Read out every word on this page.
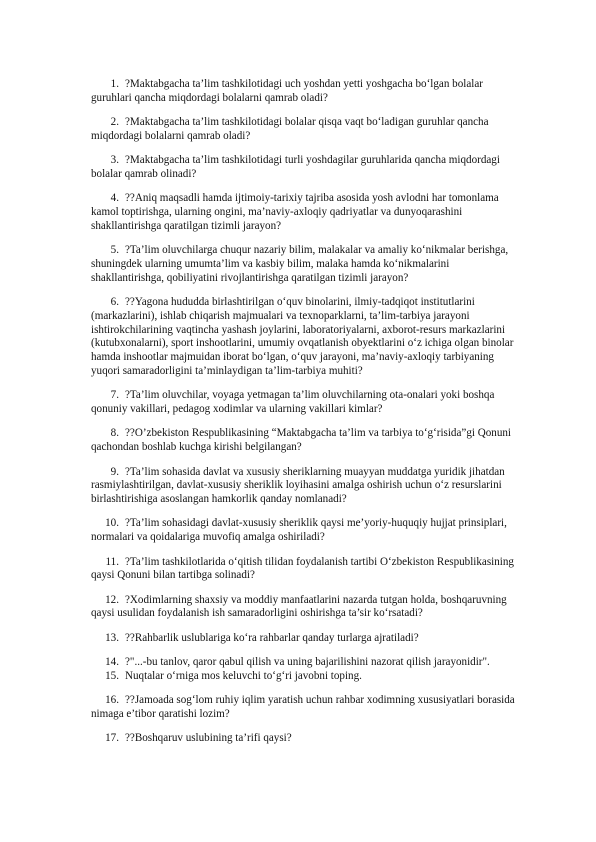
1. ?Maktabgacha ta’lim tashkilotidagi uch yoshdan yetti yoshgacha bo‘lgan bolalar guruhlari qancha miqdordagi bolalarni qamrab oladi?

2. ?Maktabgacha ta’lim tashkilotidagi bolalar qisqa vaqt bo‘ladigan guruhlar qancha miqdordagi bolalarni qamrab oladi?

3. ?Maktabgacha ta’lim tashkilotidagi turli yoshdagilar guruhlarida qancha miqdordagi bolalar qamrab olinadi?

4. ??Aniq maqsadli hamda ijtimoiy-tarixiy tajriba asosida yosh avlodni har tomonlama kamol toptirishga, ularning ongini, ma’naviy-axloqiy qadriyatlar va dunyoqarashini shakllantirishga qaratilgan tizimli jarayon?

5. ?Ta’lim oluvchilarga chuqur nazariy bilim, malakalar va amaliy ko‘nikmalar berishga, shuningdek ularning umumta’lim va kasbiy bilim, malaka hamda ko‘nikmalarini shakllantirishga, qobiliyatini rivojlantirishga qaratilgan tizimli jarayon?

6. ??Yagona hududda birlashtirilgan o‘quv binolarini, ilmiy-tadqiqot institutlarini (markazlarini), ishlab chiqarish majmualari va texnoparklarni, ta’lim-tarbiya jarayoni ishtirokchilarining vaqtincha yashash joylarini, laboratoriyalarni, axborot-resurs markazlarini (kutubxonalarni), sport inshootlarini, umumiy ovqatlanish obyektlarini o‘z ichiga olgan binolar hamda inshootlar majmuidan iborat bo‘lgan, o‘quv jarayoni, ma’naviy-axloqiy tarbiyaning yuqori samaradorligini ta’minlaydigan ta’lim-tarbiya muhiti?

7. ?Ta’lim oluvchilar, voyaga yetmagan ta’lim oluvchilarning ota-onalari yoki boshqa qonuniy vakillari, pedagog xodimlar va ularning vakillari kimlar?

8. ??O’zbekiston Respublikasining “Maktabgacha ta’lim va tarbiya to‘g‘risida”gi Qonuni qachondan boshlab kuchga kirishi belgilangan?

9. ?Ta’lim sohasida davlat va xususiy sheriklarning muayyan muddatga yuridik jihatdan rasmiylashtirilgan, davlat-xususiy sheriklik loyihasini amalga oshirish uchun o‘z resurslarini birlashtirishiga asoslangan hamkorlik qanday nomlanadi?

10. ?Ta’lim sohasidagi davlat-xususiy sheriklik qaysi me’yoriy-huquqiy hujjat prinsiplari, normalari va qoidalariga muvofiq amalga oshiriladi?

11. ?Ta’lim tashkilotlarida o‘qitish tilidan foydalanish tartibi O‘zbekiston Respublikasining qaysi Qonuni bilan tartibga solinadi?

12. ?Xodimlarning shaxsiy va moddiy manfaatlarini nazarda tutgan holda, boshqaruvning qaysi usulidan foydalanish ish samaradorligini oshirishga ta’sir ko‘rsatadi?

13. ??Rahbarlik uslublariga ko‘ra rahbarlar qanday turlarga ajratiladi?

14. ?"...-bu tanlov, qaror qabul qilish va uning bajarilishini nazorat qilish jarayonidir".

15. Nuqtalar o‘rniga mos keluvchi to‘g‘ri javobni toping.

16. ??Jamoada sog‘lom ruhiy iqlim yaratish uchun rahbar xodimning xususiyatlari borasida nimaga e’tibor qaratishi lozim?

17. ??Boshqaruv uslubining ta’rifi qaysi?
